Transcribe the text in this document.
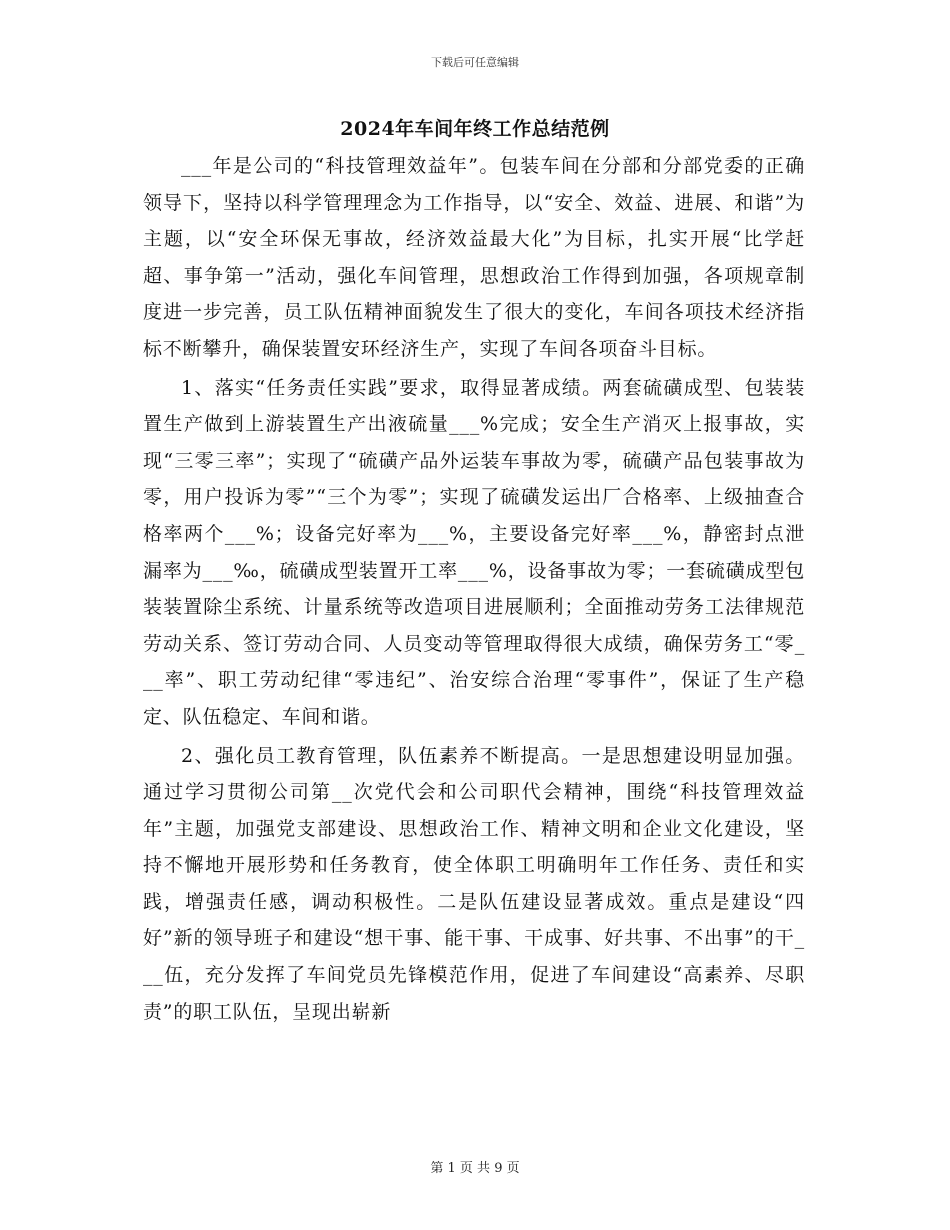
下载后可任意编辑
2024年车间年终工作总结范例

___年是公司的“科技管理效益年”。包装车间在分部和分部党委的正确领导下，坚持以科学管理理念为工作指导，以“安全、效益、进展、和谐”为主题，以“安全环保无事故，经济效益最大化”为目标，扎实开展“比学赶超、事争第一”活动，强化车间管理，思想政治工作得到加强，各项规章制度进一步完善，员工队伍精神面貌发生了很大的变化，车间各项技术经济指标不断攀升，确保装置安环经济生产，实现了车间各项奋斗目标。

1、落实“任务责任实践”要求，取得显著成绩。两套硫磺成型、包装装置生产做到上游装置生产出液硫量___%完成；安全生产消灭上报事故，实现“三零三率”；实现了“硫磺产品外运装车事故为零，硫磺产品包装事故为零，用户投诉为零”“三个为零”；实现了硫磺发运出厂合格率、上级抽查合格率两个___%；设备完好率为___%，主要设备完好率___%，静密封点泄漏率为___‰，硫磺成型装置开工率___%，设备事故为零；一套硫磺成型包装装置除尘系统、计量系统等改造项目进展顺利；全面推动劳务工法律规范劳动关系、签订劳动合同、人员变动等管理取得很大成绩，确保劳务工“零___率”、职工劳动纪律“零违纪”、治安综合治理“零事件”，保证了生产稳定、队伍稳定、车间和谐。

2、强化员工教育管理，队伍素养不断提高。一是思想建设明显加强。通过学习贯彻公司第__次党代会和公司职代会精神，围绕“科技管理效益年”主题，加强党支部建设、思想政治工作、精神文明和企业文化建设，坚持不懈地开展形势和任务教育，使全体职工明确明年工作任务、责任和实践，增强责任感，调动积极性。二是队伍建设显著成效。重点是建设“四好”新的领导班子和建设“想干事、能干事、干成事、好共事、不出事”的干___伍，充分发挥了车间党员先锋模范作用，促进了车间建设“高素养、尽职责”的职工队伍，呈现出崭新

第 1 页 共 9 页
